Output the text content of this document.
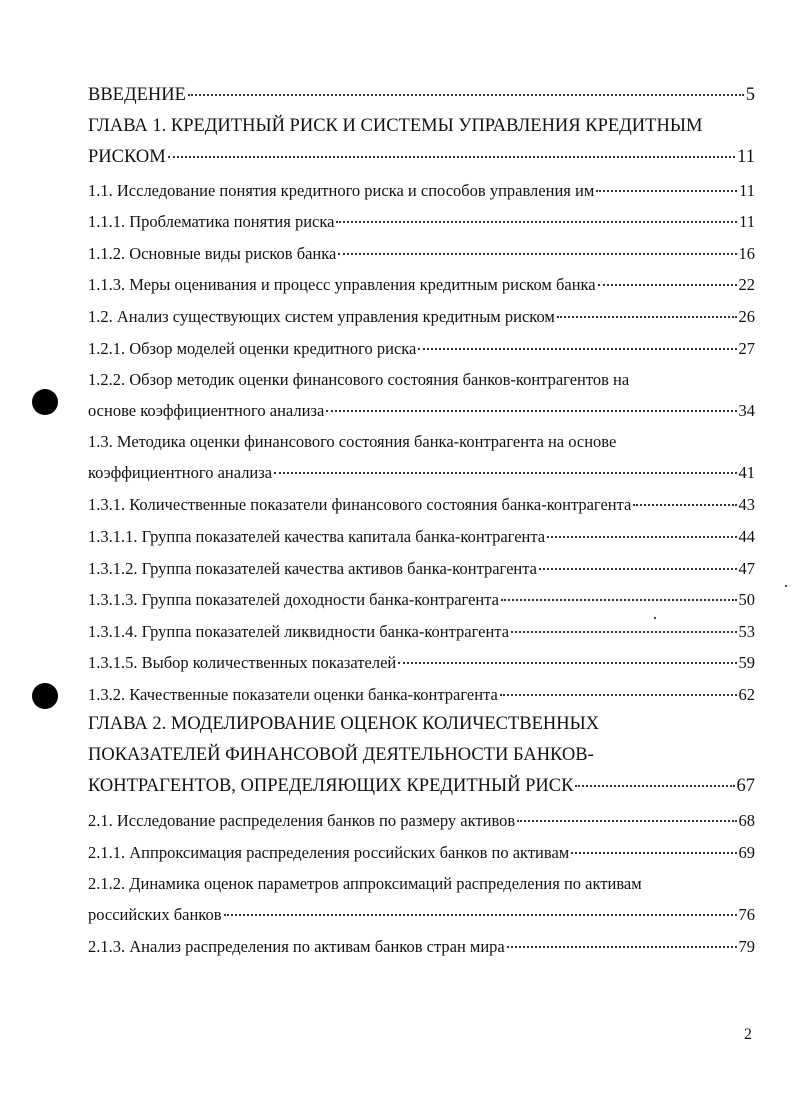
ВВЕДЕНИЕ	5
ГЛАВА 1. КРЕДИТНЫЙ РИСК И СИСТЕМЫ УПРАВЛЕНИЯ КРЕДИТНЫМ
РИСКОМ	11
1.1. Исследование понятия кредитного риска и способов управления им	11
1.1.1. Проблематика понятия риска	11
1.1.2. Основные виды рисков банка	16
1.1.3. Меры оценивания и процесс управления кредитным риском банка	22
1.2. Анализ существующих систем управления кредитным риском	26
1.2.1. Обзор моделей оценки кредитного риска	27
1.2.2. Обзор методик оценки финансового состояния банков-контрагентов на
основе коэффициентного анализа	34
1.3. Методика оценки финансового состояния банка-контрагента на основе
коэффициентного анализа	41
1.3.1. Количественные показатели финансового состояния банка-контрагента	43
1.3.1.1. Группа показателей качества капитала банка-контрагента	44
1.3.1.2. Группа показателей качества активов банка-контрагента	47
1.3.1.3. Группа показателей доходности банка-контрагента	50
1.3.1.4. Группа показателей ликвидности банка-контрагента	53
1.3.1.5. Выбор количественных показателей	59
1.3.2. Качественные показатели оценки банка-контрагента	62
ГЛАВА 2. МОДЕЛИРОВАНИЕ ОЦЕНОК КОЛИЧЕСТВЕННЫХ
ПОКАЗАТЕЛЕЙ ФИНАНСОВОЙ ДЕЯТЕЛЬНОСТИ БАНКОВ-
КОНТРАГЕНТОВ, ОПРЕДЕЛЯЮЩИХ КРЕДИТНЫЙ РИСК	67
2.1. Исследование распределения банков по размеру активов	68
2.1.1. Аппроксимация распределения российских банков по активам	69
2.1.2. Динамика оценок параметров аппроксимаций распределения по активам
российских банков	76
2.1.3. Анализ распределения по активам банков стран мира	79
2
